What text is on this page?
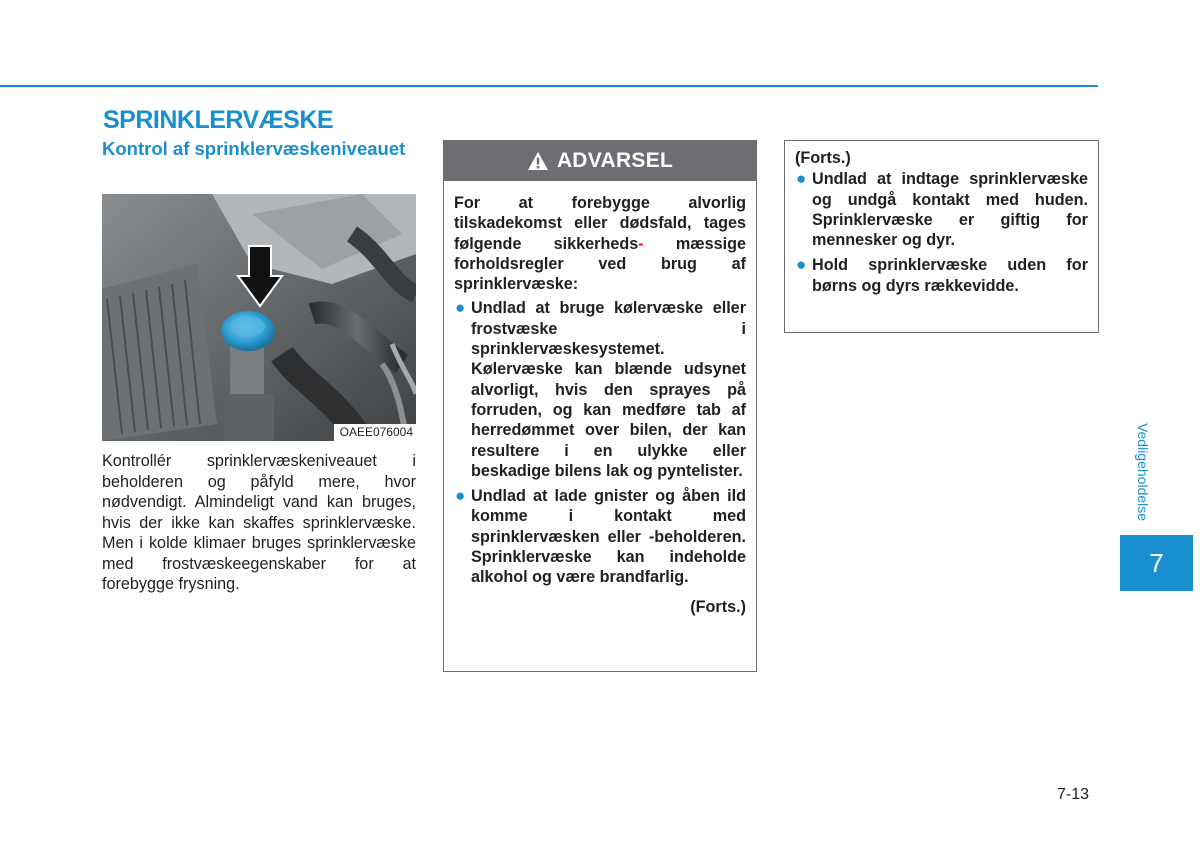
SPRINKLERVÆSKE
Kontrol af sprinklervæskeniveauet
OAEE076004
Kontrollér sprinklervæskeniveauet i beholderen og påfyld mere, hvor nødvendigt. Almindeligt vand kan bruges, hvis der ikke kan skaffes sprinklervæske. Men i kolde klimaer bruges sprinklervæske med frostvæskeegenskaber for at forebygge frysning.
ADVARSEL

For at forebygge alvorlig tilskadekomst eller dødsfald, tages følgende sikkerheds- mæssige forholdsregler ved brug af sprinklervæske:

● Undlad at bruge kølervæske eller frostvæske i sprinklervæskesystemet. Kølervæske kan blænde udsynet alvorligt, hvis den sprayes på forruden, og kan medføre tab af herredømmet over bilen, der kan resultere i en ulykke eller beskadige bilens lak og pyntelister.
● Undlad at lade gnister og åben ild komme i kontakt med sprinklervæsken eller -beholderen. Sprinklervæske kan indeholde alkohol og være brandfarlig.

(Forts.)

(Forts.)

● Undlad at indtage sprinklervæske og undgå kontakt med huden. Sprinklervæske er giftig for mennesker og dyr.
● Hold sprinklervæske uden for børns og dyrs rækkevidde.
Vedligeholdelse
7
7-13
